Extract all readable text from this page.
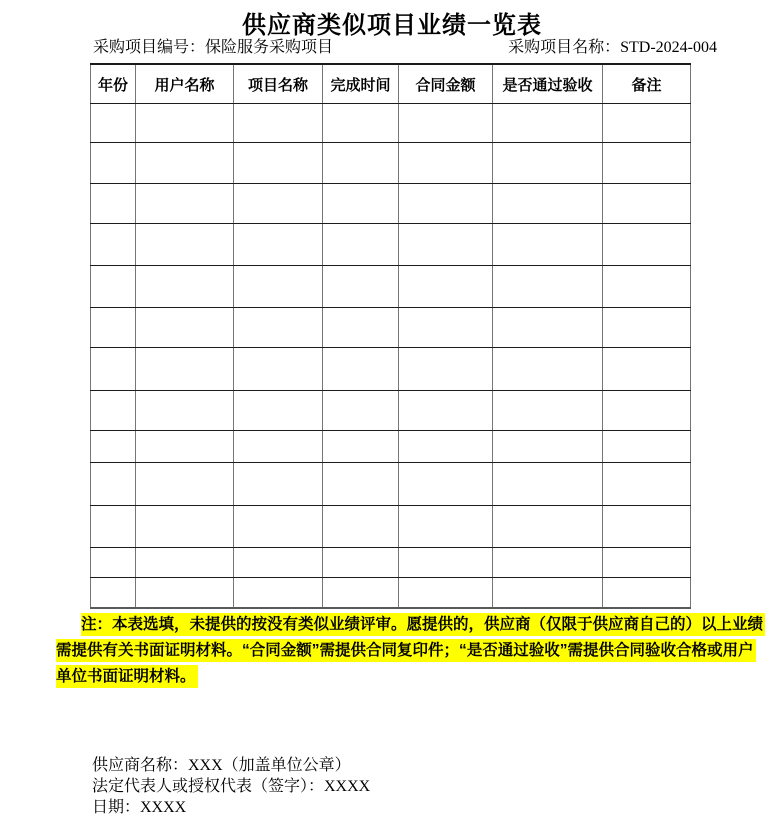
供应商类似项目业绩一览表
采购项目编号：保险服务采购项目	采购项目名称：STD-2024-004
年份	用户名称	项目名称	完成时间	合同金额	是否通过验收	备注

注：本表选填，未提供的按没有类似业绩评审。愿提供的，供应商（仅限于供应商自己的）以上业绩
需提供有关书面证明材料。“合同金额”需提供合同复印件；“是否通过验收”需提供合同验收合格或用户
单位书面证明材料。
供应商名称：XXX（加盖单位公章）
法定代表人或授权代表（签字）：XXXX
日期：XXXX
